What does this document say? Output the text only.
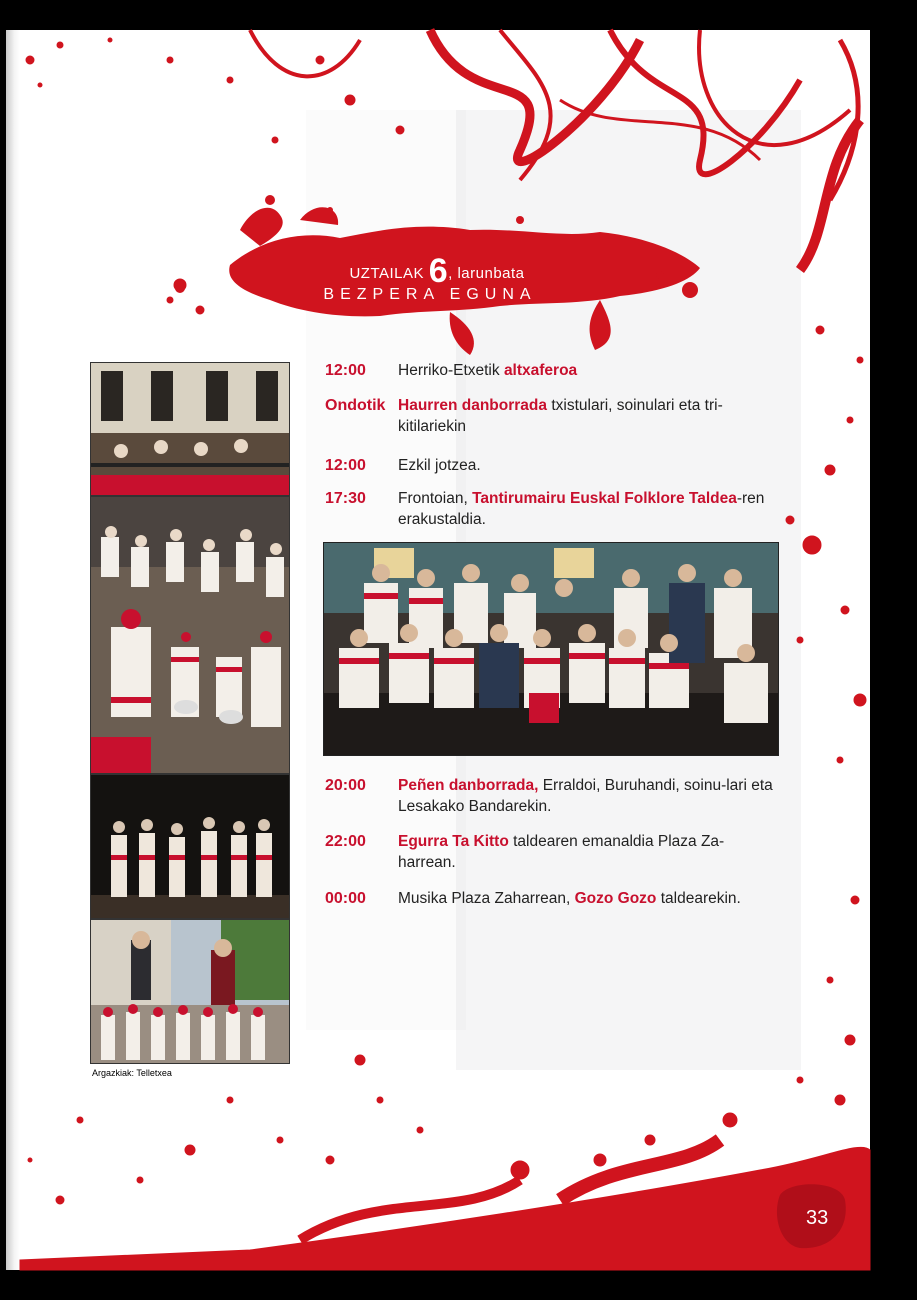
UZTAILAK 6, larunbata
BEZPERA EGUNA
Argazkiak: Telletxea
12:00	Herriko-Etxetik altxaferoa
Ondotik Haurren danborrada txistulari, soinulari eta tri-kitilariekin
12:00	Ezkil jotzea.
17:30	Frontoian, Tantirumairu Euskal Folklore Taldea-ren erakustaldia.
20:00	Peñen danborrada, Erraldoi, Buruhandi, soinu-lari eta Lesakako Bandarekin.
22:00	Egurra Ta Kitto taldearen emanaldia Plaza Za-harrean.
00:00	Musika Plaza Zaharrean, Gozo Gozo taldearekin.
33
